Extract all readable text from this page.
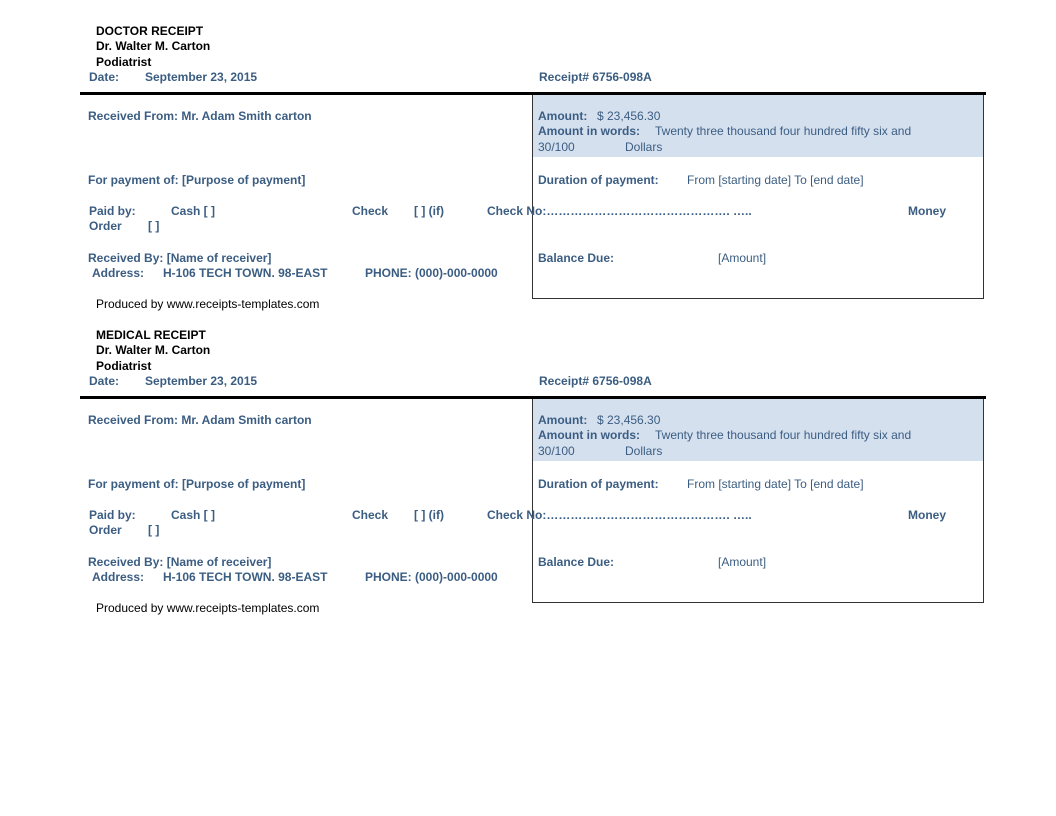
DOCTOR RECEIPT
Dr. Walter M. Carton
Podiatrist
Date: September 23, 2015	Receipt# 6756-098A
Received From: Mr. Adam Smith carton	Amount: $ 23,456.30
Amount in words: Twenty three thousand four hundred fifty six and
30/100	Dollars
For payment of: [Purpose of payment]	Duration of payment: From [starting date] To [end date]
Paid by:	Cash [ ]	Check [ ] (if)	Check No:………………………………………. …..	Money
Order [ ]
Received By: [Name of receiver]	Balance Due:	[Amount]
Address: H-106 TECH TOWN. 98-EAST	PHONE: (000)-000-0000
Produced by www.receipts-templates.com
MEDICAL RECEIPT
Dr. Walter M. Carton
Podiatrist
Date: September 23, 2015	Receipt# 6756-098A
Received From: Mr. Adam Smith carton	Amount: $ 23,456.30
Amount in words: Twenty three thousand four hundred fifty six and
30/100	Dollars
For payment of: [Purpose of payment]	Duration of payment: From [starting date] To [end date]
Paid by:	Cash [ ]	Check [ ] (if)	Check No:………………………………………. …..	Money
Order [ ]
Received By: [Name of receiver]	Balance Due:	[Amount]
Address: H-106 TECH TOWN. 98-EAST	PHONE: (000)-000-0000
Produced by www.receipts-templates.com
